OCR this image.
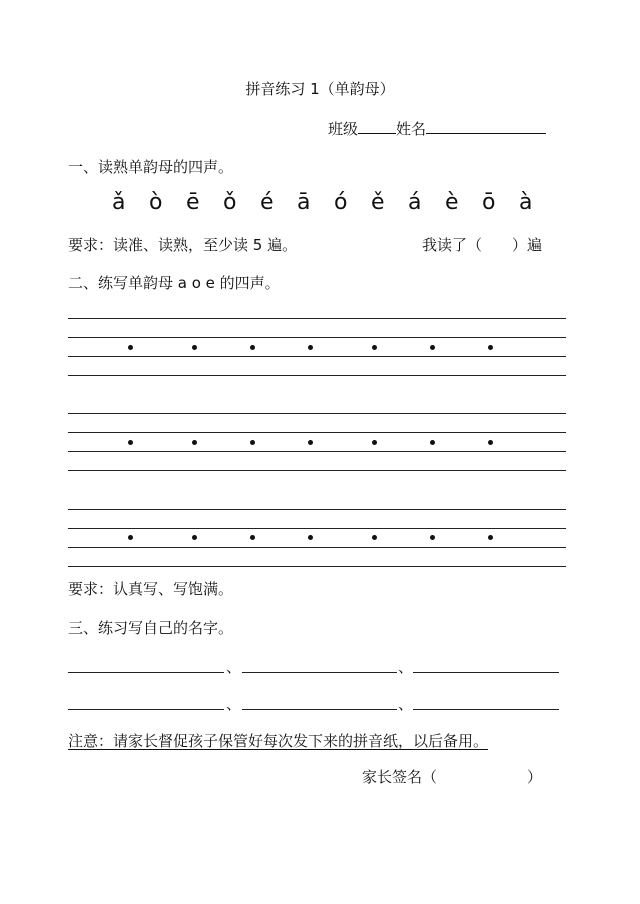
拼音练习 1（单韵母）
班级	姓名
一、读熟单韵母的四声。
ǎ ò ē ǒ é ā ó ě á è ō à
要求：读准、读熟，至少读 5 遍。	我读了（　　）遍
二、练写单韵母 a o e 的四声。
要求：认真写、写饱满。
三、练习写自己的名字。
、	、
、	、
注意：请家长督促孩子保管好每次发下来的拼音纸，以后备用。
家长签名（　　　　　　）
